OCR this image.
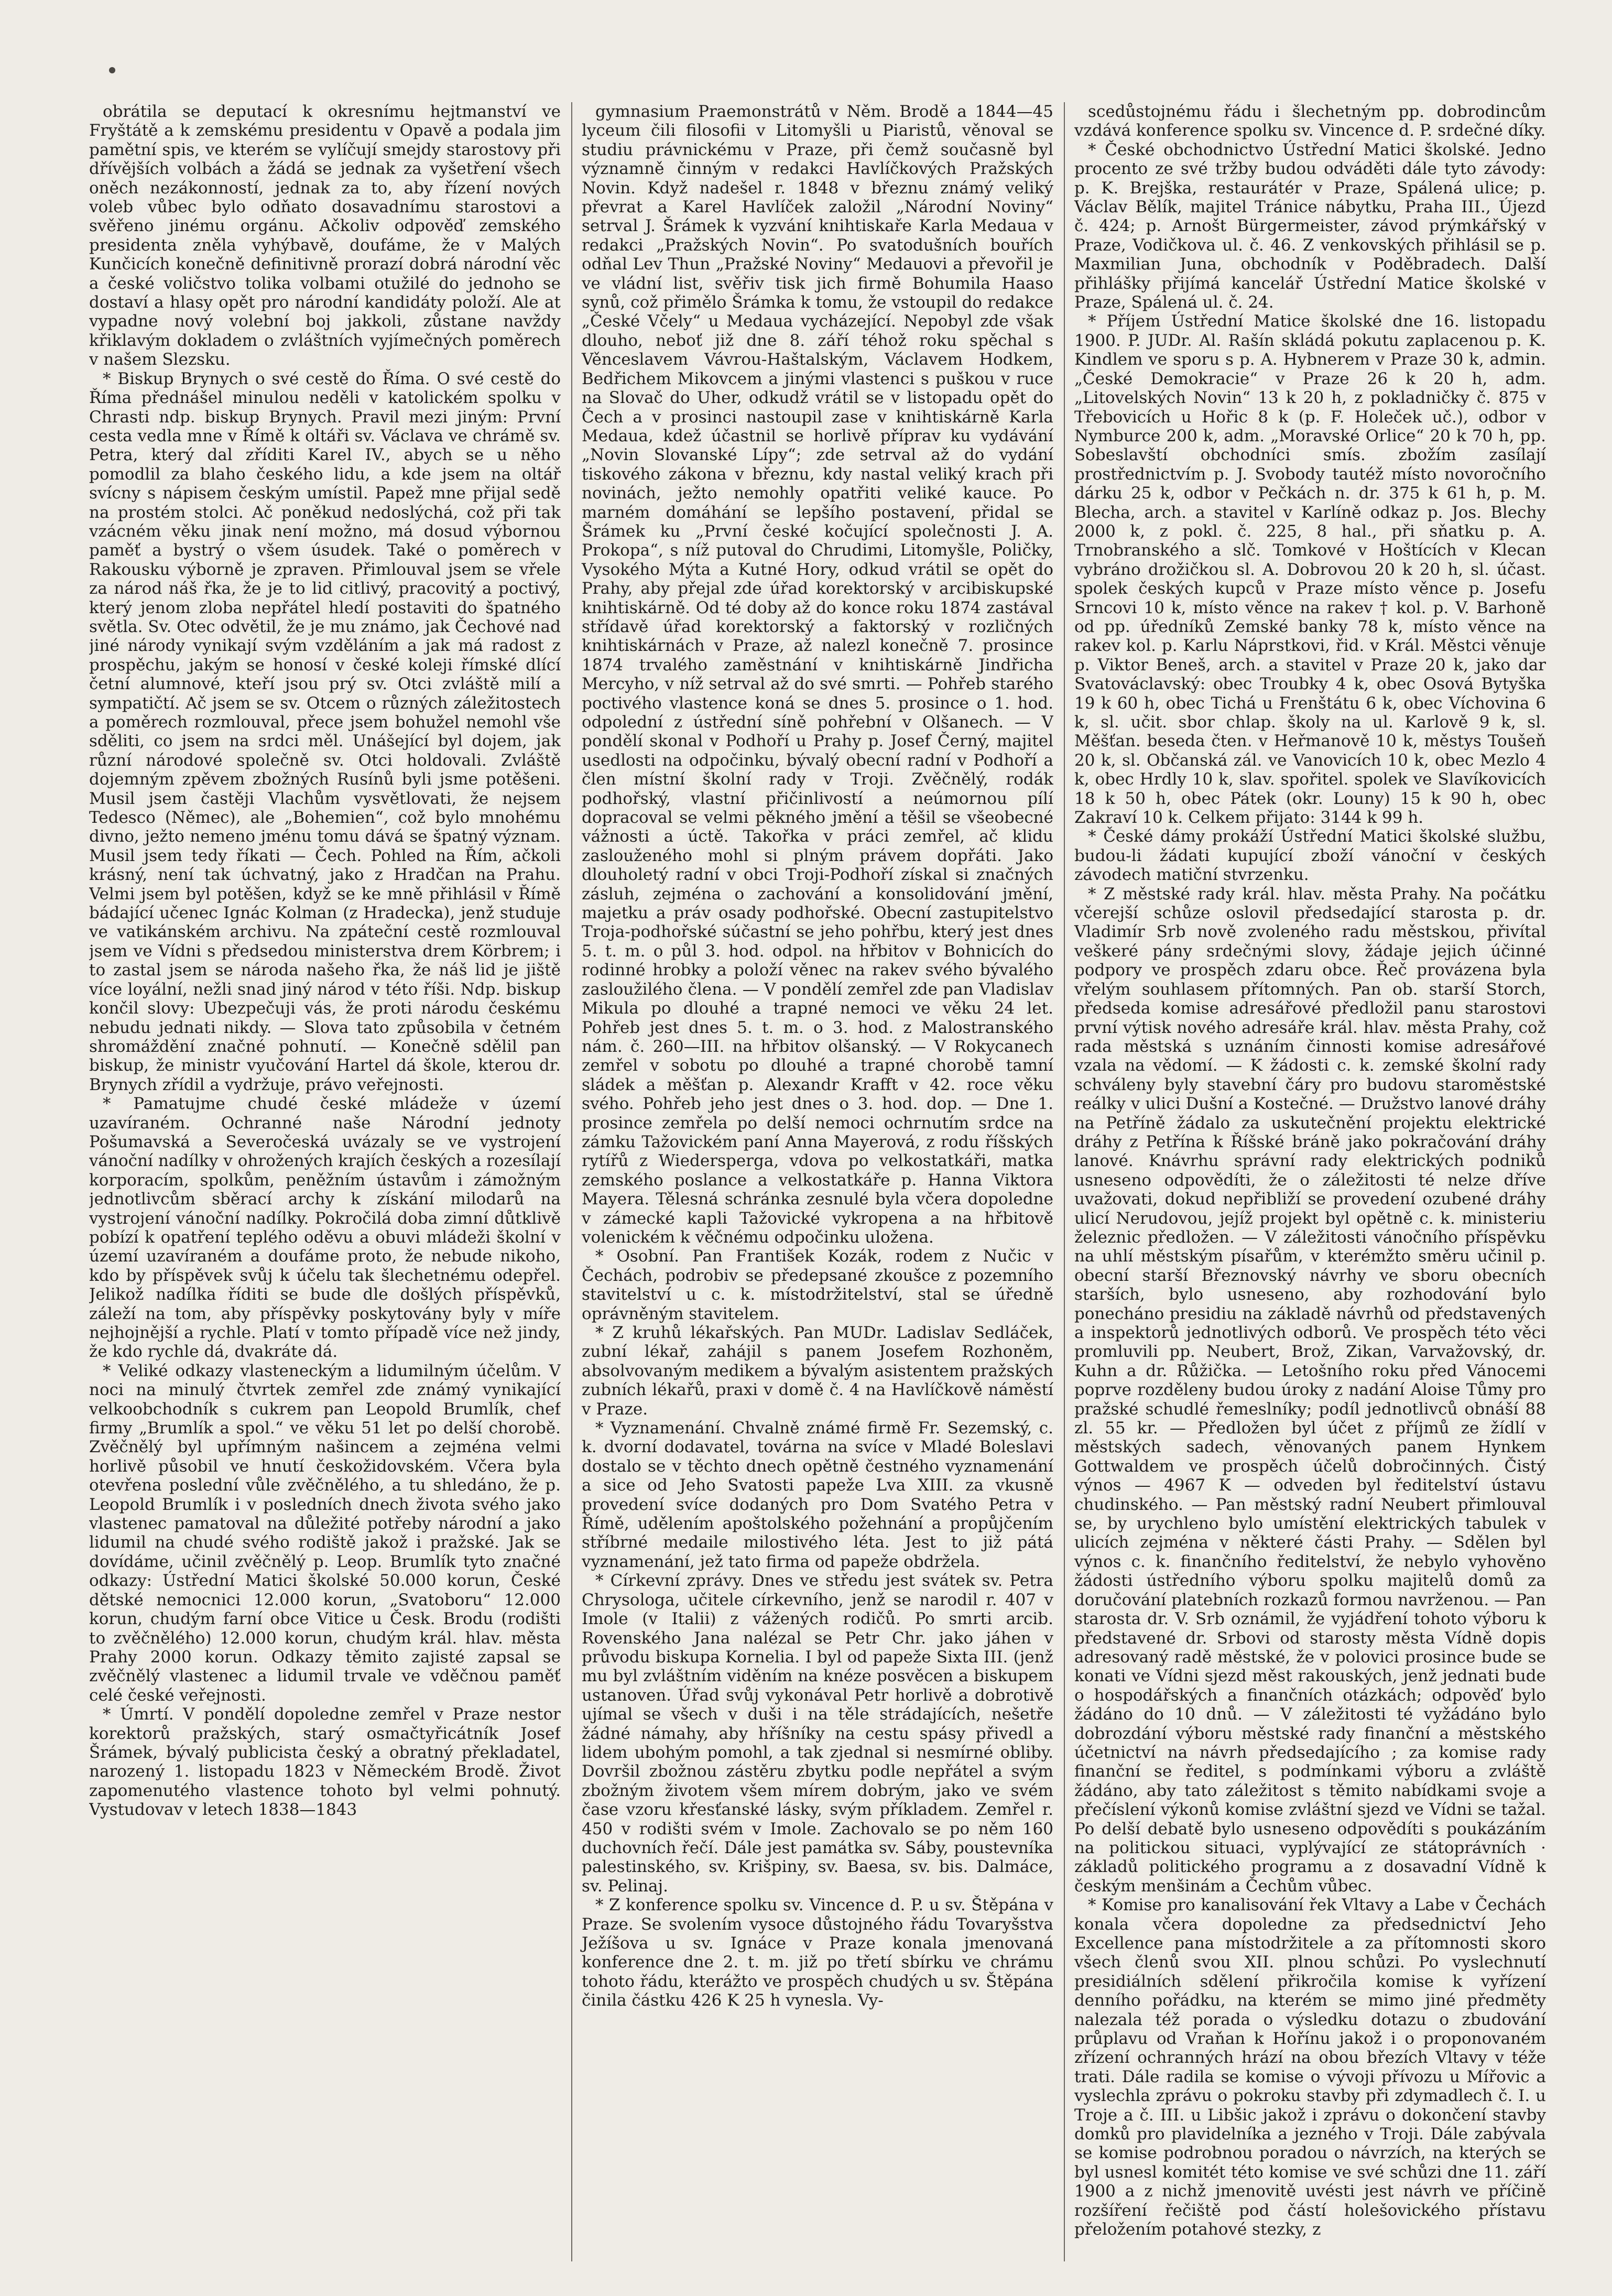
obrátila se deputací k okresnímu hejtmanství ve Fryštátě a k zemskému presidentu v Opavě a podala jim pamětní spis, ve kterém se vylíčují smejdy starostovy při dřívějších volbách a žádá se jednak za vyšetření všech oněch nezákonností, jednak za to, aby řízení nových voleb vůbec bylo odňato dosavadnímu starostovi a svěřeno jinému orgánu. Ačkoliv odpověď zemského presidenta zněla vyhýbavě, doufáme, že v Malých Kunčicích konečně definitivně prorazí dobrá národní věc a české voličstvo tolika volbami otužilé do jednoho se dostaví a hlasy opět pro národní kandidáty položí. Ale at vypadne nový volební boj jakkoli, zůstane navždy křiklavým dokladem o zvláštních vyjímečných poměrech v našem Slezsku.

* Biskup Brynych o své cestě do Říma. O své cestě do Říma přednášel minulou neděli v katolickém spolku v Chrasti ndp. biskup Brynych. Pravil mezi jiným: První cesta vedla mne v Římě k oltáři sv. Václava ve chrámě sv. Petra, který dal zříditi Karel IV., abych se u něho pomodlil za blaho českého lidu, a kde jsem na oltář svícny s nápisem českým umístil. Papež mne přijal sedě na prostém stolci. Ač poněkud nedoslýchá, což při tak vzácném věku jinak není možno, má dosud výbornou paměť a bystrý o všem úsudek. Také o poměrech v Rakousku výborně je zpraven. Přimlouval jsem se vřele za národ náš řka, že je to lid citlivý, pracovitý a poctivý, který jenom zloba nepřátel hledí postaviti do špatného světla. Sv. Otec odvětil, že je mu známo, jak Čechové nad jiné národy vynikají svým vzděláním a jak má radost z prospěchu, jakým se honosí v české koleji římské dlící četní alumnové, kteří jsou prý sv. Otci zvláště milí a sympatičtí. Ač jsem se sv. Otcem o různých záležitostech a poměrech rozmlouval, přece jsem bohužel nemohl vše sděliti, co jsem na srdci měl. Unášející byl dojem, jak různí národové společně sv. Otci holdovali. Zvláště dojemným zpěvem zbožných Rusínů byli jsme potěšeni. Musil jsem častěji Vlachům vysvětlovati, že nejsem Tedesco (Němec), ale „Bohemien“, což bylo mnohému divno, ježto nemeno jménu tomu dává se špatný význam. Musil jsem tedy říkati — Čech. Pohled na Řím, ačkoli krásný, není tak úchvatný, jako z Hradčan na Prahu. Velmi jsem byl potěšen, když se ke mně přihlásil v Římě bádající učenec Ignác Kolman (z Hradecka), jenž studuje ve vatikánském archivu. Na zpáteční cestě rozmlouval jsem ve Vídni s předsedou ministerstva drem Körbrem; i to zastal jsem se národa našeho řka, že náš lid je jiště více loyální, nežli snad jiný národ v této říši. Ndp. biskup končil slovy: Ubezpečuji vás, že proti národu českému nebudu jednati nikdy. — Slova tato způsobila v četném shromáždění značné pohnutí. — Konečně sdělil pan biskup, že ministr vyučování Hartel dá škole, kterou dr. Brynych zřídil a vydržuje, právo veřejnosti.

* Pamatujme chudé české mládeže v území uzavíraném. Ochranné naše Národní jednoty Pošumavská a Severočeská uvázaly se ve vystrojení vánoční nadílky v ohrožených krajích českých a rozesílají korporacím, spolkům, peněžním ústavům i zámožným jednotlivcům sběrací archy k získání milodarů na vystrojení vánoční nadílky. Pokročilá doba zimní důtklivě pobízí k opatření teplého oděvu a obuvi mládeži školní v území uzavíraném a doufáme proto, že nebude nikoho, kdo by příspěvek svůj k účelu tak šlechetnému odepřel. Jelikož nadílka říditi se bude dle došlých příspěvků, záleží na tom, aby příspěvky poskytovány byly v míře nejhojnější a rychle. Platí v tomto případě více než jindy, že kdo rychle dá, dvakráte dá.

* Veliké odkazy vlasteneckým a lidumilným účelům. V noci na minulý čtvrtek zemřel zde známý vynikající velkoobchodník s cukrem pan Leopold Brumlík, chef firmy „Brumlík a spol.“ ve věku 51 let po delší chorobě. Zvěčnělý byl upřímným našincem a zejména velmi horlivě působil ve hnutí českožidovském. Včera byla otevřena poslední vůle zvěčnělého, a tu shledáno, že p. Leopold Brumlík i v posledních dnech života svého jako vlastenec pamatoval na důležité potřeby národní a jako lidumil na chudé svého rodiště jakož i pražské. Jak se dovídáme, učinil zvěčnělý p. Leop. Brumlík tyto značné odkazy: Ústřední Matici školské 50.000 korun, České dětské nemocnici 12.000 korun, „Svatoboru“ 12.000 korun, chudým farní obce Vitice u Česk. Brodu (rodišti to zvěčnělého) 12.000 korun, chudým král. hlav. města Prahy 2000 korun. Odkazy těmito zajisté zapsal se zvěčnělý vlastenec a lidumil trvale ve vděčnou paměť celé české veřejnosti.

* Úmrtí. V pondělí dopoledne zemřel v Praze nestor korektorů pražských, starý osmačtyřicátník Josef Šrámek, bývalý publicista český a obratný překladatel, narozený 1. listopadu 1823 v Německém Brodě. Život zapomenutého vlastence tohoto byl velmi pohnutý. Vystudovav v letech 1838—1843

gymnasium Praemonstrátů v Něm. Brodě a 1844—45 lyceum čili filosofii v Litomyšli u Piaristů, věnoval se studiu právnickému v Praze, při čemž současně byl významně činným v redakci Havlíčkových Pražských Novin. Když nadešel r. 1848 v březnu známý veliký převrat a Karel Havlíček založil „Národní Noviny“ setrval J. Šrámek k vyzvání knihtiskaře Karla Medaua v redakci „Pražských Novin“. Po svatodušních bouřích odňal Lev Thun „Pražské Noviny“ Medauovi a převořil je ve vládní list, svěřiv tisk jich firmě Bohumila Haaso synů, což přimělo Šrámka k tomu, že vstoupil do redakce „České Včely“ u Medaua vycházející. Nepobyl zde však dlouho, neboť již dne 8. září téhož roku spěchal s Věnceslavem Vávrou-Haštalským, Václavem Hodkem, Bedřichem Mikovcem a jinými vlastenci s puškou v ruce na Slovač do Uher, odkudž vrátil se v listopadu opět do Čech a v prosinci nastoupil zase v knihtiskárně Karla Medaua, kdež účastnil se horlivě příprav ku vydávání „Novin Slovanské Lípy“; zde setrval až do vydání tiskového zákona v březnu, kdy nastal veliký krach při novinách, ježto nemohly opatřiti veliké kauce. Po marném domáhání se lepšího postavení, přidal se Šrámek ku „První české kočující společnosti J. A. Prokopa“, s níž putoval do Chrudimi, Litomyšle, Poličky, Vysokého Mýta a Kutné Hory, odkud vrátil se opět do Prahy, aby přejal zde úřad korektorský v arcibiskupské knihtiskárně. Od té doby až do konce roku 1874 zastával střídavě úřad korektorský a faktorský v rozličných knihtiskárnách v Praze, až nalezl konečně 7. prosince 1874 trvalého zaměstnání v knihtiskárně Jindřicha Mercyho, v níž setrval až do své smrti. — Pohřeb starého poctivého vlastence koná se dnes 5. prosince o 1. hod. odpolední z ústřední síně pohřební v Olšanech. — V pondělí skonal v Podhoří u Prahy p. Josef Černý, majitel usedlosti na odpočinku, bývalý obecní radní v Podhoří a člen místní školní rady v Troji. Zvěčnělý, rodák podhořský, vlastní přičinlivostí a neúmornou pílí dopracoval se velmi pěkného jmění a těšil se všeobecné vážnosti a úctě. Takořka v práci zemřel, ač klidu zaslouženého mohl si plným právem dopřáti. Jako dlouholetý radní v obci Troji-Podhoří získal si značných zásluh, zejména o zachování a konsolidování jmění, majetku a práv osady podhořské. Obecní zastupitelstvo Troja-podhořské súčastní se jeho pohřbu, který jest dnes 5. t. m. o půl 3. hod. odpol. na hřbitov v Bohnicích do rodinné hrobky a položí věnec na rakev svého bývalého zasloužilého člena. — V pondělí zemřel zde pan Vladislav Mikula po dlouhé a trapné nemoci ve věku 24 let. Pohřeb jest dnes 5. t. m. o 3. hod. z Malostranského nám. č. 260—III. na hřbitov olšanský. — V Rokycanech zemřel v sobotu po dlouhé a trapné chorobě tamní sládek a měšťan p. Alexandr Krafft v 42. roce věku svého. Pohřeb jeho jest dnes o 3. hod. dop. — Dne 1. prosince zemřela po delší nemoci ochrnutím srdce na zámku Tažovickém paní Anna Mayerová, z rodu říšských rytířů z Wiedersperga, vdova po velkostatkáři, matka zemského poslance a velkostatkáře p. Hanna Viktora Mayera. Tělesná schránka zesnulé byla včera dopoledne v zámecké kapli Tažovické vykropena a na hřbitově volenickém k věčnému odpočinku uložena.

* Osobní. Pan František Kozák, rodem z Nučic v Čechách, podrobiv se předepsané zkoušce z pozemního stavitelství u c. k. místodržitelství, stal se úředně oprávněným stavitelem.

* Z kruhů lékařských. Pan MUDr. Ladislav Sedláček, zubní lékař, zahájil s panem Josefem Rozhoněm, absolvovaným medikem a bývalým asistentem pražských zubních lékařů, praxi v domě č. 4 na Havlíčkově náměstí v Praze.

* Vyznamenání. Chvalně známé firmě Fr. Sezemský, c. k. dvorní dodavatel, továrna na svíce v Mladé Boleslavi dostalo se v těchto dnech opětně čestného vyznamenání a sice od Jeho Svatosti papeže Lva XIII. za vkusně provedení svíce dodaných pro Dom Svatého Petra v Římě, udělením apoštolského požehnání a propůjčením stříbrné medaile milostivého léta. Jest to již pátá vyznamenání, jež tato firma od papeže obdržela.

* Církevní zprávy. Dnes ve středu jest svátek sv. Petra Chrysologa, učitele církevního, jenž se narodil r. 407 v Imole (v Italii) z vážených rodičů. Po smrti arcib. Rovenského Jana nalézal se Petr Chr. jako jáhen v průvodu biskupa Kornelia. I byl od papeže Sixta III. (jenž mu byl zvláštním viděním na knéze posvěcen a biskupem ustanoven. Úřad svůj vykonával Petr horlivě a dobrotivě ujímal se všech v duši i na těle strádajících, nešetře žádné námahy, aby hříšníky na cestu spásy přivedl a lidem ubohým pomohl, a tak zjednal si nesmírné obliby. Dovršil zbožnou zástěru zbytku podle nepřátel a svým zbožným životem všem mírem dobrým, jako ve svém čase vzoru křesťanské lásky, svým příkladem. Zemřel r. 450 v rodišti svém v Imole. Zachovalo se po něm 160 duchovních řečí. Dále jest památka sv. Sáby, poustevníka palestinského, sv. Krišpiny, sv. Baesa, sv. bis. Dalmáce, sv. Pelinaj.

* Z konference spolku sv. Vincence d. P. u sv. Štěpána v Praze. Se svolením vysoce důstojného řádu Tovaryšstva Ježíšova u sv. Ignáce v Praze konala jmenovaná konference dne 2. t. m. již po třetí sbírku ve chrámu tohoto řádu, kterážto ve prospěch chudých u sv. Štěpána činila částku 426 K 25 h vynesla. Vy-

scedůstojnému řádu i šlechetným pp. dobrodincům vzdává konference spolku sv. Vincence d. P. srdečné díky.

* České obchodnictvo Ústřední Matici školské. Jedno procento ze své tržby budou odváděti dále tyto závody: p. K. Brejška, restaurátér v Praze, Spálená ulice; p. Václav Bělík, majitel Tránice nábytku, Praha III., Újezd č. 424; p. Arnošt Bürgermeister, závod prýmkářský v Praze, Vodičkova ul. č. 46. Z venkovských přihlásil se p. Maxmilian Juna, obchodník v Poděbradech. Další přihlášky přijímá kancelář Ústřední Matice školské v Praze, Spálená ul. č. 24.

* Příjem Ústřední Matice školské dne 16. listopadu 1900. P. JUDr. Al. Rašín skládá pokutu zaplacenou p. K. Kindlem ve sporu s p. A. Hybnerem v Praze 30 k, admin. „České Demokracie“ v Praze 26 k 20 h, adm. „Litovelských Novin“ 13 k 20 h, z pokladničky č. 875 v Třebovicích u Hořic 8 k (p. F. Holeček uč.), odbor v Nymburce 200 k, adm. „Moravské Orlice“ 20 k 70 h, pp. Sobeslavští obchodníci smís. zbožím zasílají prostřednictvím p. J. Svobody tautéž místo novoročního dárku 25 k, odbor v Pečkách n. dr. 375 k 61 h, p. M. Blecha, arch. a stavitel v Karlíně odkaz p. Jos. Blechy 2000 k, z pokl. č. 225, 8 hal., při sňatku p. A. Trnobranského a slč. Tomkové v Hoštících v Klecan vybráno drožičkou sl. A. Dobrovou 20 k 20 h, sl. účast. spolek českých kupců v Praze místo věnce p. Josefu Srncovi 10 k, místo věnce na rakev † kol. p. V. Barhoně od pp. úředníků Zemské banky 78 k, místo věnce na rakev kol. p. Karlu Náprstkovi, řid. v Král. Městci věnuje p. Viktor Beneš, arch. a stavitel v Praze 20 k, jako dar Svatováclavský: obec Troubky 4 k, obec Osová Bytyška 19 k 60 h, obec Tichá u Frenštátu 6 k, obec Víchovina 6 k, sl. učit. sbor chlap. školy na ul. Karlově 9 k, sl. Měšťan. beseda čten. v Heřmanově 10 k, městys Toušeň 20 k, sl. Občanská zál. ve Vanovicích 10 k, obec Mezlo 4 k, obec Hrdly 10 k, slav. spořitel. spolek ve Slavíkovicích 18 k 50 h, obec Pátek (okr. Louny) 15 k 90 h, obec Zakraví 10 k. Celkem přijato: 3144 k 99 h.

* České dámy prokáží Ústřední Matici školské službu, budou-li žádati kupující zboží vánoční v českých závodech matiční stvrzenku.

* Z městské rady král. hlav. města Prahy. Na počátku včerejší schůze oslovil předsedající starosta p. dr. Vladimír Srb nově zvoleného radu městskou, přivítal veškeré pány srdečnými slovy, žádaje jejich účinné podpory ve prospěch zdaru obce. Řeč provázena byla vřelým souhlasem přítomných. Pan ob. starší Storch, předseda komise adresářové předložil panu starostovi první výtisk nového adresáře král. hlav. města Prahy, což rada městská s uznáním činnosti komise adresářové vzala na vědomí. — K žádosti c. k. zemské školní rady schváleny byly stavební čáry pro budovu staroměstské reálky v ulici Dušní a Kostečné. — Družstvo lanové dráhy na Petříně žádalo za uskutečnění projektu elektrické dráhy z Petřína k Říšské bráně jako pokračování dráhy lanové. Knávrhu správní rady elektrických podniků usneseno odpovědíti, že o záležitosti té nelze dříve uvažovati, dokud nepřibliží se provedení ozubené dráhy ulicí Nerudovou, jejíž projekt byl opětně c. k. ministeriu železnic předložen. — V záležitosti vánočního příspěvku na uhlí městským písařům, v kterémžto směru učinil p. obecní starší Březnovský návrhy ve sboru obecních starších, bylo usneseno, aby rozhodování bylo ponecháno presidiu na základě návrhů od představených a inspektorů jednotlivých odborů. Ve prospěch této věci promluvili pp. Neubert, Brož, Zikan, Varvažovský, dr. Kuhn a dr. Růžička. — Letošního roku před Vánocemi poprve rozděleny budou úroky z nadání Aloise Tůmy pro pražské schudlé řemeslníky; podíl jednotlivců obnáší 88 zl. 55 kr. — Předložen byl účet z příjmů ze žídlí v městských sadech, věnovaných panem Hynkem Gottwaldem ve prospěch účelů dobročinných. Čistý výnos — 4967 K — odveden byl ředitelství ústavu chudinského. — Pan městský radní Neubert přimlouval se, by urychleno bylo umístění elektrických tabulek v ulicích zejména v některé části Prahy. — Sdělen byl výnos c. k. finančního ředitelství, že nebylo vyhověno žádosti ústředního výboru spolku majitelů domů za doručování platebních rozkazů formou navrženou. — Pan starosta dr. V. Srb oznámil, že vyjádření tohoto výboru k představené dr. Srbovi od starosty města Vídně dopis adresovaný radě městské, že v polovici prosince bude se konati ve Vídni sjezd měst rakouských, jenž jednati bude o hospodářských a finančních otázkách; odpověď bylo žádáno do 10 dnů. — V záležitosti té vyžádáno bylo dobrozdání výboru městské rady finanční a městského účetnictví na návrh předsedajícího ; za komise rady finanční se ředitel, s podmínkami výboru a zvláště žádáno, aby tato záležitost s těmito nabídkami svoje a přečíslení výkonů komise zvláštní sjezd ve Vídni se tažal. Po delší debatě bylo usneseno odpovědíti s poukázáním na politickou situaci, vyplývající ze státoprávních · základů politického programu a z dosavadní Vídně k českým menšinám a Čechům vůbec.

* Komise pro kanalisování řek Vltavy a Labe v Čechách konala včera dopoledne za předsednictví Jeho Excellence pana místodržitele a za přítomnosti skoro všech členů svou XII. plnou schůzi. Po vyslechnutí presidiálních sdělení přikročila komise k vyřízení denního pořádku, na kterém se mimo jiné předměty nalezala též porada o výsledku dotazu o zbudování průplavu od Vraňan k Hořínu jakož i o proponovaném zřízení ochranných hrází na obou březích Vltavy v téže trati. Dále radila se komise o vývoji přívozu u Mířovic a vyslechla zprávu o pokroku stavby při zdymadlech č. I. u Troje a č. III. u Libšic jakož i zprávu o dokončení stavby domků pro plavidelníka a jezného v Troji. Dále zabývala se komise podrobnou poradou o návrzích, na kterých se byl usnesl komitét této komise ve své schůzi dne 11. září 1900 a z nichž jmenovitě uvésti jest návrh ve příčině rozšíření řečiště pod částí holešovického přístavu přeložením potahové stezky, z
